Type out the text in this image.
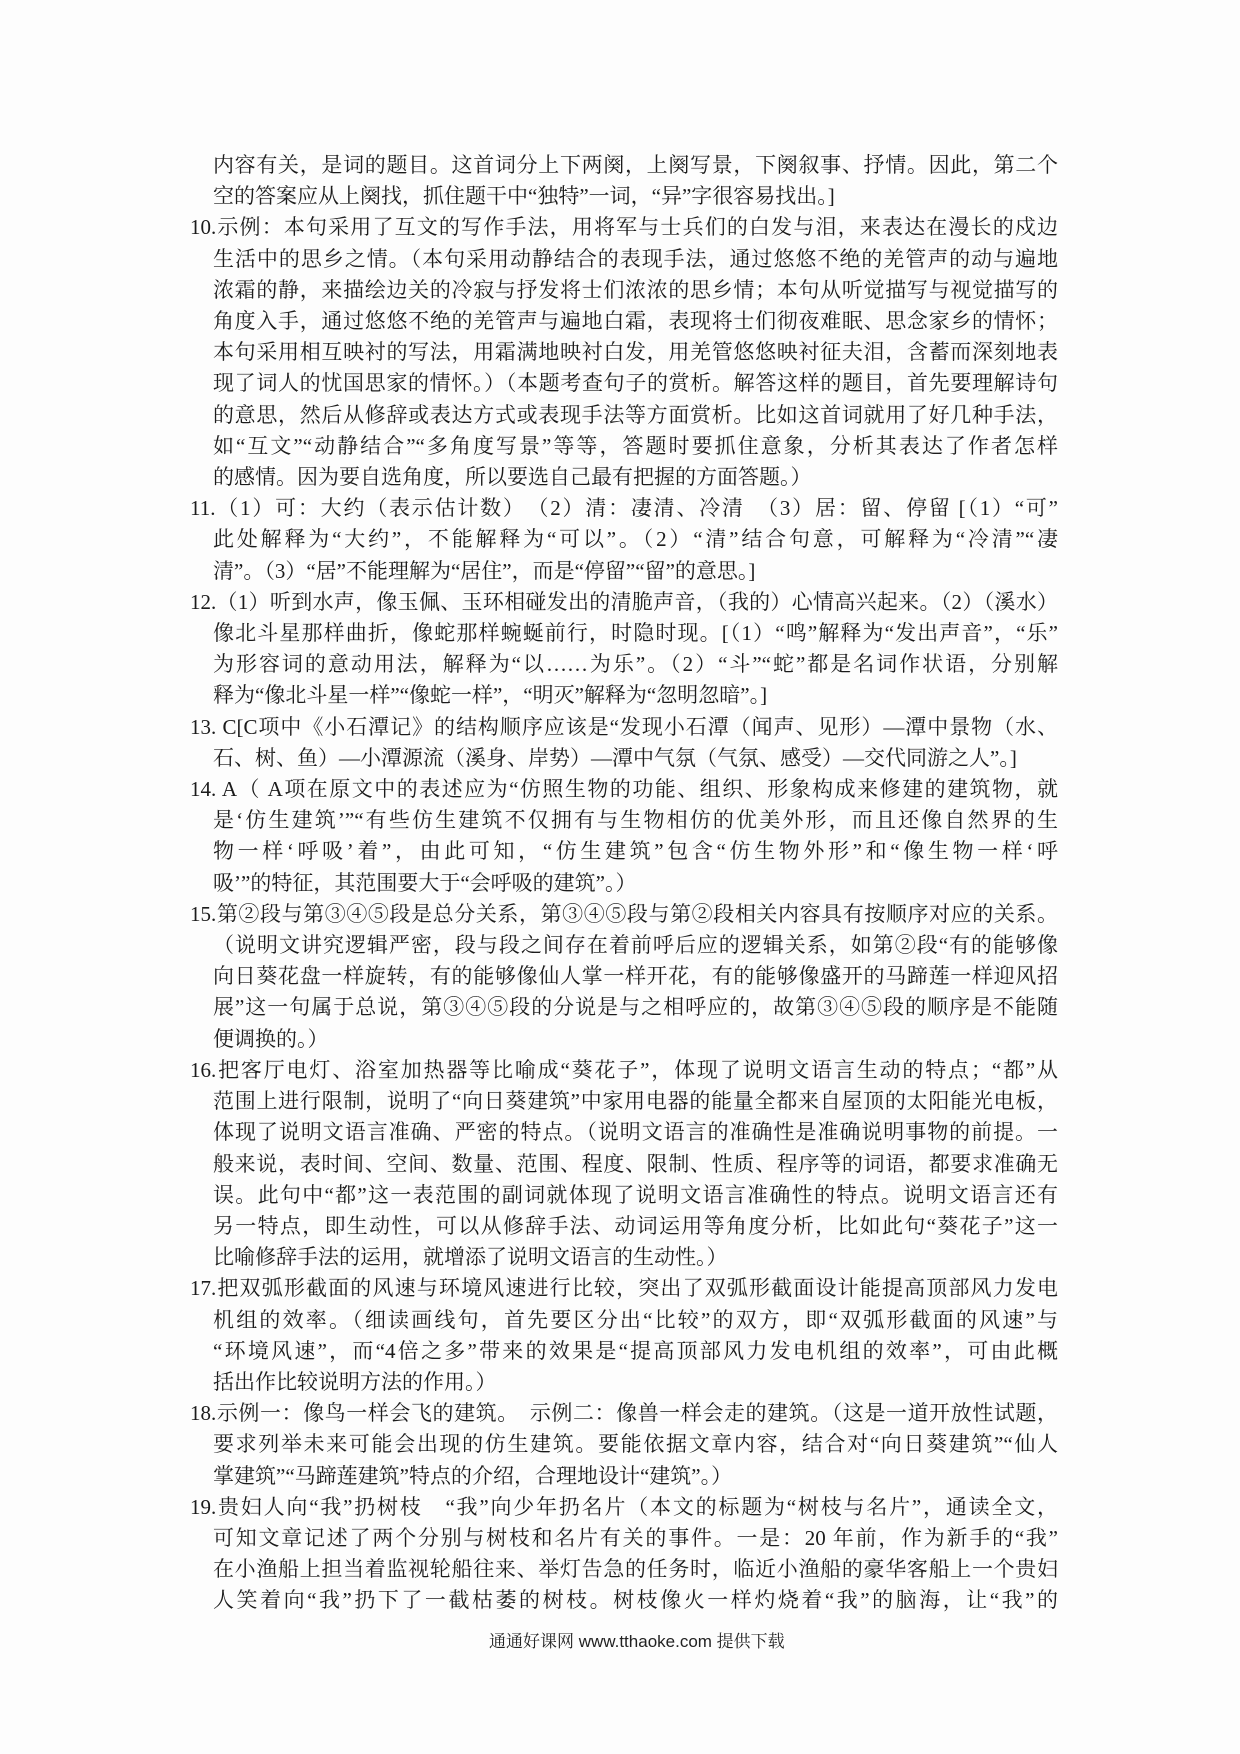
内容有关，是词的题目。这首词分上下两阕，上阕写景，下阕叙事、抒情。因此，第二个
空的答案应从上阕找，抓住题干中“独特”一词，“异”字很容易找出。]
10.示例：本句采用了互文的写作手法，用将军与士兵们的白发与泪，来表达在漫长的戍边
生活中的思乡之情。（本句采用动静结合的表现手法，通过悠悠不绝的羌管声的动与遍地
浓霜的静，来描绘边关的冷寂与抒发将士们浓浓的思乡情；本句从听觉描写与视觉描写的
角度入手，通过悠悠不绝的羌管声与遍地白霜，表现将士们彻夜难眠、思念家乡的情怀；
本句采用相互映衬的写法，用霜满地映衬白发，用羌管悠悠映衬征夫泪，含蓄而深刻地表
现了词人的忧国思家的情怀。）（本题考查句子的赏析。解答这样的题目，首先要理解诗句
的意思，然后从修辞或表达方式或表现手法等方面赏析。比如这首词就用了好几种手法，
如“互文”“动静结合”“多角度写景”等等，答题时要抓住意象，分析其表达了作者怎样
的感情。因为要自选角度，所以要选自己最有把握的方面答题。）
11.（1）可：大约（表示估计数）　（2）清：凄清、冷清　（3）居：留、停留 [（1）“可”
此处解释为“大约”，不能解释为“可以”。（2）“清”结合句意，可解释为“冷清”“凄
清”。（3）“居”不能理解为“居住”，而是“停留”“留”的意思。]
12.（1）听到水声，像玉佩、玉环相碰发出的清脆声音，（我的）心情高兴起来。（2）（溪水）
像北斗星那样曲折，像蛇那样蜿蜒前行，时隐时现。[（1）“鸣”解释为“发出声音”，“乐”
为形容词的意动用法，解释为“以……为乐”。（2）“斗”“蛇”都是名词作状语，分别解
释为“像北斗星一样”“像蛇一样”，“明灭”解释为“忽明忽暗”。]
13. C[C项中《小石潭记》的结构顺序应该是“发现小石潭（闻声、见形）—潭中景物（水、
石、树、鱼）—小潭源流（溪身、岸势）—潭中气氛（气氛、感受）—交代同游之人”。]
14. A（ A项在原文中的表述应为“仿照生物的功能、组织、形象构成来修建的建筑物，就
是‘仿生建筑’”“有些仿生建筑不仅拥有与生物相仿的优美外形，而且还像自然界的生
物一样‘呼吸’着”，由此可知，“仿生建筑”包含“仿生物外形”和“像生物一样‘呼
吸’”的特征，其范围要大于“会呼吸的建筑”。）
15.第②段与第③④⑤段是总分关系，第③④⑤段与第②段相关内容具有按顺序对应的关系。
（说明文讲究逻辑严密，段与段之间存在着前呼后应的逻辑关系，如第②段“有的能够像
向日葵花盘一样旋转，有的能够像仙人掌一样开花，有的能够像盛开的马蹄莲一样迎风招
展”这一句属于总说，第③④⑤段的分说是与之相呼应的，故第③④⑤段的顺序是不能随
便调换的。）
16.把客厅电灯、浴室加热器等比喻成“葵花子”，体现了说明文语言生动的特点；“都”从
范围上进行限制，说明了“向日葵建筑”中家用电器的能量全都来自屋顶的太阳能光电板，
体现了说明文语言准确、严密的特点。（说明文语言的准确性是准确说明事物的前提。一
般来说，表时间、空间、数量、范围、程度、限制、性质、程序等的词语，都要求准确无
误。此句中“都”这一表范围的副词就体现了说明文语言准确性的特点。说明文语言还有
另一特点，即生动性，可以从修辞手法、动词运用等角度分析，比如此句“葵花子”这一
比喻修辞手法的运用，就增添了说明文语言的生动性。）
17.把双弧形截面的风速与环境风速进行比较，突出了双弧形截面设计能提高顶部风力发电
机组的效率。（细读画线句，首先要区分出“比较”的双方，即“双弧形截面的风速”与
“环境风速”，而“4倍之多”带来的效果是“提高顶部风力发电机组的效率”，可由此概
括出作比较说明方法的作用。）
18.示例一：像鸟一样会飞的建筑。　示例二：像兽一样会走的建筑。（这是一道开放性试题，
要求列举未来可能会出现的仿生建筑。要能依据文章内容，结合对“向日葵建筑”“仙人
掌建筑”“马蹄莲建筑”特点的介绍，合理地设计“建筑”。）
19.贵妇人向“我”扔树枝　“我”向少年扔名片（本文的标题为“树枝与名片”，通读全文，
可知文章记述了两个分别与树枝和名片有关的事件。一是：20 年前，作为新手的“我”
在小渔船上担当着监视轮船往来、举灯告急的任务时，临近小渔船的豪华客船上一个贵妇
人笑着向“我”扔下了一截枯萎的树枝。树枝像火一样灼烧着“我”的脑海，让“我”的
通通好课网 www.tthaoke.com 提供下载
